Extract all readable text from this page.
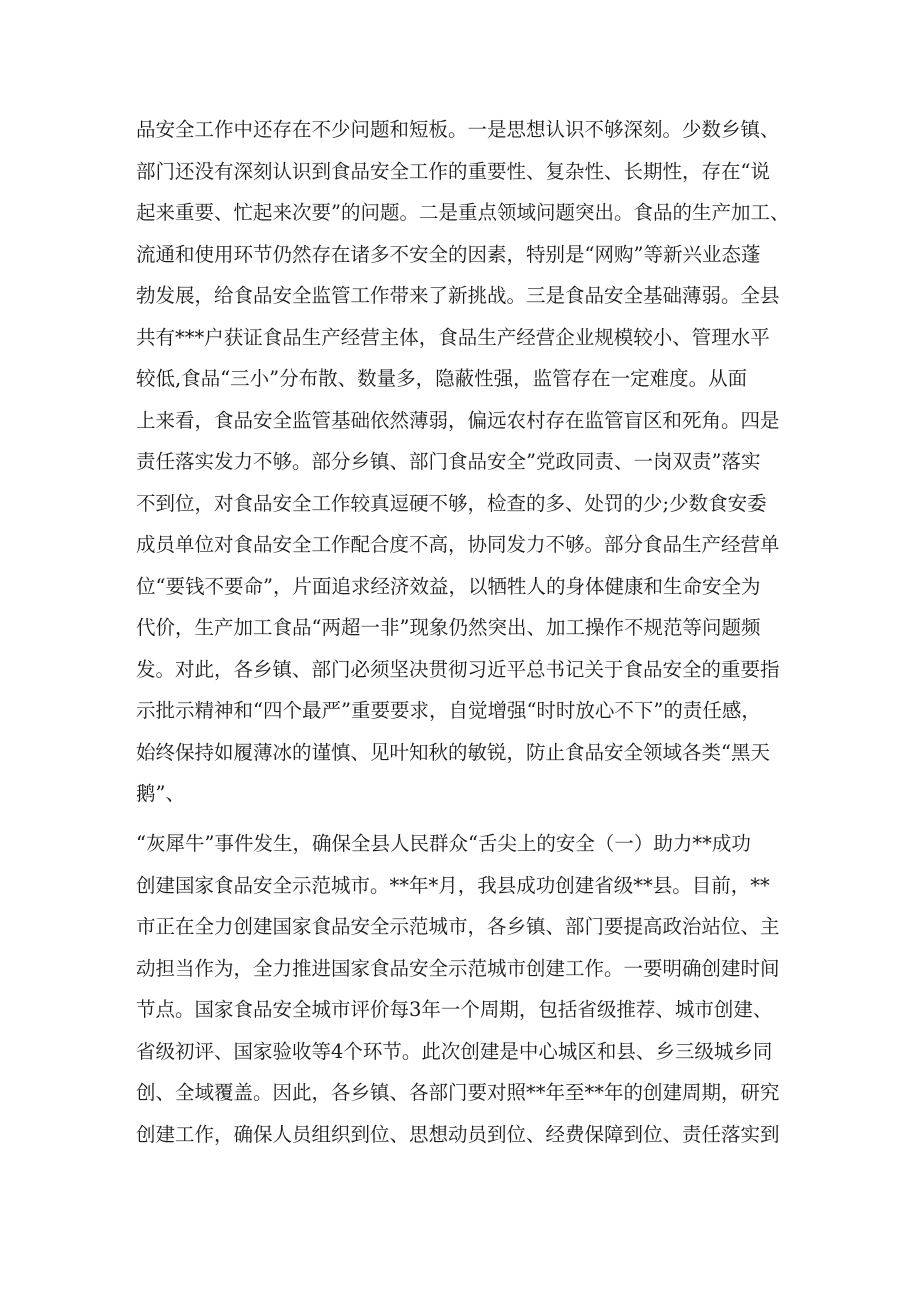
品安全工作中还存在不少问题和短板。一是思想认识不够深刻。少数乡镇、
部门还没有深刻认识到食品安全工作的重要性、复杂性、长期性，存在“说
起来重要、忙起来次要”的问题。二是重点领域问题突出。食品的生产加工、
流通和使用环节仍然存在诸多不安全的因素，特别是“网购”等新兴业态蓬
勃发展，给食品安全监管工作带来了新挑战。三是食品安全基础薄弱。全县
共有***户获证食品生产经营主体，食品生产经营企业规模较小、管理水平
较低,食品“三小”分布散、数量多，隐蔽性强，监管存在一定难度。从面
上来看，食品安全监管基础依然薄弱，偏远农村存在监管盲区和死角。四是
责任落实发力不够。部分乡镇、部门食品安全”党政同责、一岗双责”落实
不到位，对食品安全工作较真逗硬不够，检查的多、处罚的少;少数食安委
成员单位对食品安全工作配合度不高，协同发力不够。部分食品生产经营单
位“要钱不要命”，片面追求经济效益，以牺牲人的身体健康和生命安全为
代价，生产加工食品“两超一非”现象仍然突出、加工操作不规范等问题频
发。对此，各乡镇、部门必须坚决贯彻习近平总书记关于食品安全的重要指
示批示精神和“四个最严”重要要求，自觉增强“时时放心不下”的责任感，
始终保持如履薄冰的谨慎、见叶知秋的敏锐，防止食品安全领域各类“黑天
鹅”、
“灰犀牛”事件发生，确保全县人民群众“舌尖上的安全（一）助力**成功
创建国家食品安全示范城市。**年*月，我县成功创建省级**县。目前，**
市正在全力创建国家食品安全示范城市，各乡镇、部门要提高政治站位、主
动担当作为，全力推进国家食品安全示范城市创建工作。一要明确创建时间
节点。国家食品安全城市评价每3年一个周期，包括省级推荐、城市创建、
省级初评、国家验收等4个环节。此次创建是中心城区和县、乡三级城乡同
创、全域覆盖。因此，各乡镇、各部门要对照**年至**年的创建周期，研究
创建工作，确保人员组织到位、思想动员到位、经费保障到位、责任落实到
